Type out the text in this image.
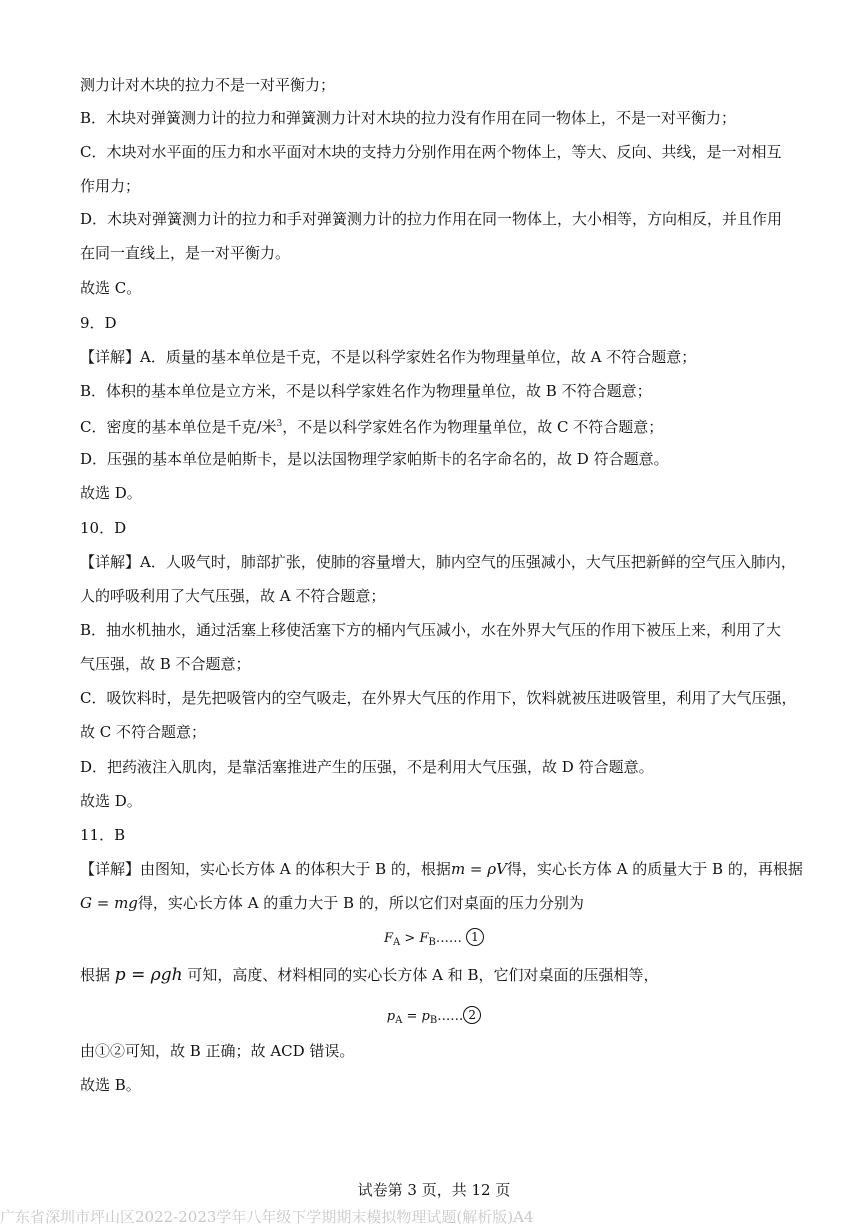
测力计对木块的拉力不是一对平衡力；
B．木块对弹簧测力计的拉力和弹簧测力计对木块的拉力没有作用在同一物体上，不是一对平衡力；
C．木块对水平面的压力和水平面对木块的支持力分别作用在两个物体上，等大、反向、共线，是一对相互
作用力；
D．木块对弹簧测力计的拉力和手对弹簧测力计的拉力作用在同一物体上，大小相等，方向相反，并且作用
在同一直线上，是一对平衡力。
故选 C。
9．D
【详解】A．质量的基本单位是千克，不是以科学家姓名作为物理量单位，故 A 不符合题意；
B．体积的基本单位是立方米，不是以科学家姓名作为物理量单位，故 B 不符合题意；
C．密度的基本单位是千克/米$^3$，不是以科学家姓名作为物理量单位，故 C 不符合题意；
D．压强的基本单位是帕斯卡，是以法国物理学家帕斯卡的名字命名的，故 D 符合题意。
故选 D。
10．D
【详解】A．人吸气时，肺部扩张，使肺的容量增大，肺内空气的压强减小，大气压把新鲜的空气压入肺内，
人的呼吸利用了大气压强，故 A 不符合题意；
B．抽水机抽水，通过活塞上移使活塞下方的桶内气压减小，水在外界大气压的作用下被压上来，利用了大
气压强，故 B 不合题意；
C．吸饮料时，是先把吸管内的空气吸走，在外界大气压的作用下，饮料就被压进吸管里，利用了大气压强，
故 C 不符合题意；
D．把药液注入肌肉，是靠活塞推进产生的压强，不是利用大气压强，故 D 符合题意。
故选 D。
11．B
【详解】由图知，实心长方体 A 的体积大于 B 的，根据m = ρV得，实心长方体 A 的质量大于 B 的，再根据
G = mg得，实心长方体 A 的重力大于 B 的，所以它们对桌面的压力分别为
$F_A$ > $F_B\dots\dots$ 1
根据 p = ρgh 可知，高度、材料相同的实心长方体 A 和 B，它们对桌面的压强相等，
$p_A$ = $p_B\dots\dots$ 2
由①②可知，故 B 正确；故 ACD 错误。
故选 B。
试卷第 3 页，共 12 页
广东省深圳市坪山区2022-2023学年八年级下学期期末模拟物理试题(解析版)A4
